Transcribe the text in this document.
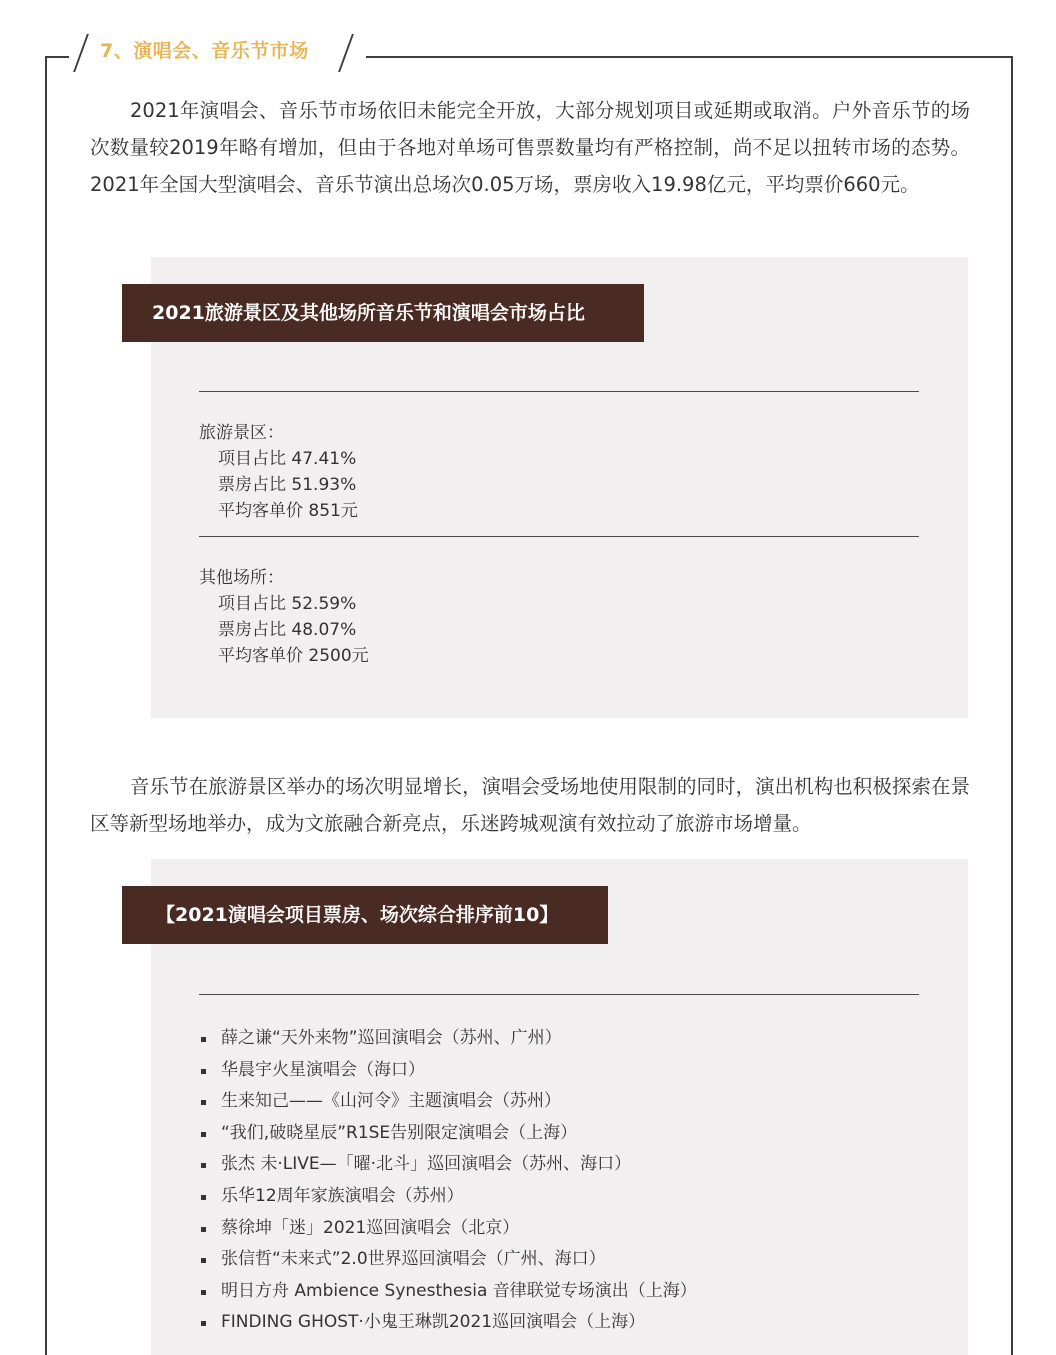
7、演唱会、音乐节市场

2021年演唱会、音乐节市场依旧未能完全开放，大部分规划项目或延期或取消。户外音乐节的场次数量较2019年略有增加，但由于各地对单场可售票数量均有严格控制，尚不足以扭转市场的态势。2021年全国大型演唱会、音乐节演出总场次0.05万场，票房收入19.98亿元，平均票价660元。

2021旅游景区及其他场所音乐节和演唱会市场占比
旅游景区：
项目占比 47.41%
票房占比 51.93%
平均客单价 851元
其他场所：
项目占比 52.59%
票房占比 48.07%
平均客单价 2500元

音乐节在旅游景区举办的场次明显增长，演唱会受场地使用限制的同时，演出机构也积极探索在景区等新型场地举办，成为文旅融合新亮点，乐迷跨城观演有效拉动了旅游市场增量。

【2021演唱会项目票房、场次综合排序前10】
薛之谦“天外来物”巡回演唱会（苏州、广州）
华晨宇火星演唱会（海口）
生来知己——《山河令》主题演唱会（苏州）
“我们,破晓星辰”R1SE告别限定演唱会（上海）
张杰 未·LIVE—「曜·北斗」巡回演唱会（苏州、海口）
乐华12周年家族演唱会（苏州）
蔡徐坤「迷」2021巡回演唱会（北京）
张信哲“未来式”2.0世界巡回演唱会（广州、海口）
明日方舟 Ambience Synesthesia 音律联觉专场演出（上海）
FINDING GHOST·小鬼王琳凯2021巡回演唱会（上海）
